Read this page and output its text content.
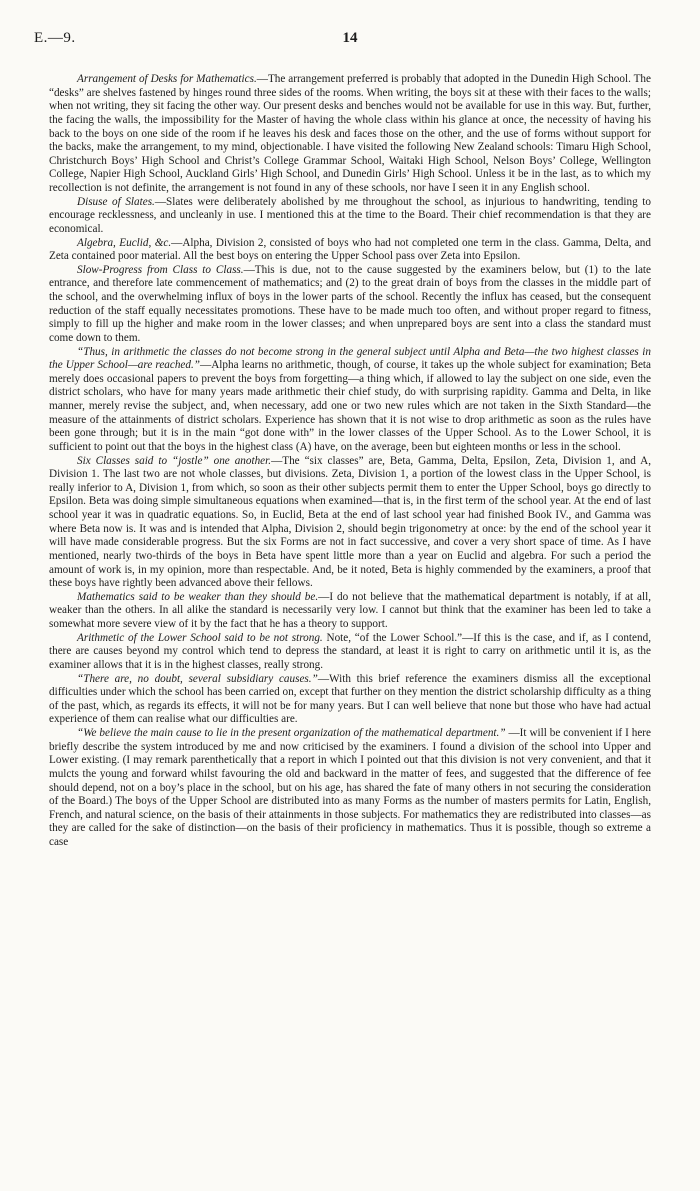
E.—9.	14

Arrangement of Desks for Mathematics.—The arrangement preferred is probably that adopted in the Dunedin High School. The “desks” are shelves fastened by hinges round three sides of the rooms. When writing, the boys sit at these with their faces to the walls; when not writing, they sit facing the other way. Our present desks and benches would not be available for use in this way. But, further, the facing the walls, the impossibility for the Master of having the whole class within his glance at once, the necessity of having his back to the boys on one side of the room if he leaves his desk and faces those on the other, and the use of forms without support for the backs, make the arrangement, to my mind, objectionable. I have visited the following New Zealand schools: Timaru High School, Christchurch Boys’ High School and Christ’s College Grammar School, Waitaki High School, Nelson Boys’ College, Wellington College, Napier High School, Auckland Girls’ High School, and Dunedin Girls’ High School. Unless it be in the last, as to which my recollection is not definite, the arrangement is not found in any of these schools, nor have I seen it in any English school.

Disuse of Slates.—Slates were deliberately abolished by me throughout the school, as injurious to handwriting, tending to encourage recklessness, and uncleanly in use. I mentioned this at the time to the Board. Their chief recommendation is that they are economical.

Algebra, Euclid, &c.—Alpha, Division 2, consisted of boys who had not completed one term in the class. Gamma, Delta, and Zeta contained poor material. All the best boys on entering the Upper School pass over Zeta into Epsilon.

Slow-Progress from Class to Class.—This is due, not to the cause suggested by the examiners below, but (1) to the late entrance, and therefore late commencement of mathematics; and (2) to the great drain of boys from the classes in the middle part of the school, and the overwhelming influx of boys in the lower parts of the school. Recently the influx has ceased, but the consequent reduction of the staff equally necessitates promotions. These have to be made much too often, and without proper regard to fitness, simply to fill up the higher and make room in the lower classes; and when unprepared boys are sent into a class the standard must come down to them.

“Thus, in arithmetic the classes do not become strong in the general subject until Alpha and Beta—the two highest classes in the Upper School—are reached.”—Alpha learns no arithmetic, though, of course, it takes up the whole subject for examination; Beta merely does occasional papers to prevent the boys from forgetting—a thing which, if allowed to lay the subject on one side, even the district scholars, who have for many years made arithmetic their chief study, do with surprising rapidity. Gamma and Delta, in like manner, merely revise the subject, and, when necessary, add one or two new rules which are not taken in the Sixth Standard—the measure of the attainments of district scholars. Experience has shown that it is not wise to drop arithmetic as soon as the rules have been gone through; but it is in the main “got done with” in the lower classes of the Upper School. As to the Lower School, it is sufficient to point out that the boys in the highest class (A) have, on the average, been but eighteen months or less in the school.

Six Classes said to “jostle” one another.—The “six classes” are, Beta, Gamma, Delta, Epsilon, Zeta, Division 1, and A, Division 1. The last two are not whole classes, but divisions. Zeta, Division 1, a portion of the lowest class in the Upper School, is really inferior to A, Division 1, from which, so soon as their other subjects permit them to enter the Upper School, boys go directly to Epsilon. Beta was doing simple simultaneous equations when examined—that is, in the first term of the school year. At the end of last school year it was in quadratic equations. So, in Euclid, Beta at the end of last school year had finished Book IV., and Gamma was where Beta now is. It was and is intended that Alpha, Division 2, should begin trigonometry at once: by the end of the school year it will have made considerable progress. But the six Forms are not in fact successive, and cover a very short space of time. As I have mentioned, nearly two-thirds of the boys in Beta have spent little more than a year on Euclid and algebra. For such a period the amount of work is, in my opinion, more than respectable. And, be it noted, Beta is highly commended by the examiners, a proof that these boys have rightly been advanced above their fellows.

Mathematics said to be weaker than they should be.—I do not believe that the mathematical department is notably, if at all, weaker than the others. In all alike the standard is necessarily very low. I cannot but think that the examiner has been led to take a somewhat more severe view of it by the fact that he has a theory to support.

Arithmetic of the Lower School said to be not strong. Note, “of the Lower School.”—If this is the case, and if, as I contend, there are causes beyond my control which tend to depress the standard, at least it is right to carry on arithmetic until it is, as the examiner allows that it is in the highest classes, really strong.

“There are, no doubt, several subsidiary causes.”—With this brief reference the examiners dismiss all the exceptional difficulties under which the school has been carried on, except that further on they mention the district scholarship difficulty as a thing of the past, which, as regards its effects, it will not be for many years. But I can well believe that none but those who have had actual experience of them can realise what our difficulties are.

“We believe the main cause to lie in the present organization of the mathematical department.” —It will be convenient if I here briefly describe the system introduced by me and now criticised by the examiners. I found a division of the school into Upper and Lower existing. (I may remark parenthetically that a report in which I pointed out that this division is not very convenient, and that it mulcts the young and forward whilst favouring the old and backward in the matter of fees, and suggested that the difference of fee should depend, not on a boy’s place in the school, but on his age, has shared the fate of many others in not securing the consideration of the Board.) The boys of the Upper School are distributed into as many Forms as the number of masters permits for Latin, English, French, and natural science, on the basis of their attainments in those subjects. For mathematics they are redistributed into classes—as they are called for the sake of distinction—on the basis of their proficiency in mathematics. Thus it is possible, though so extreme a case
